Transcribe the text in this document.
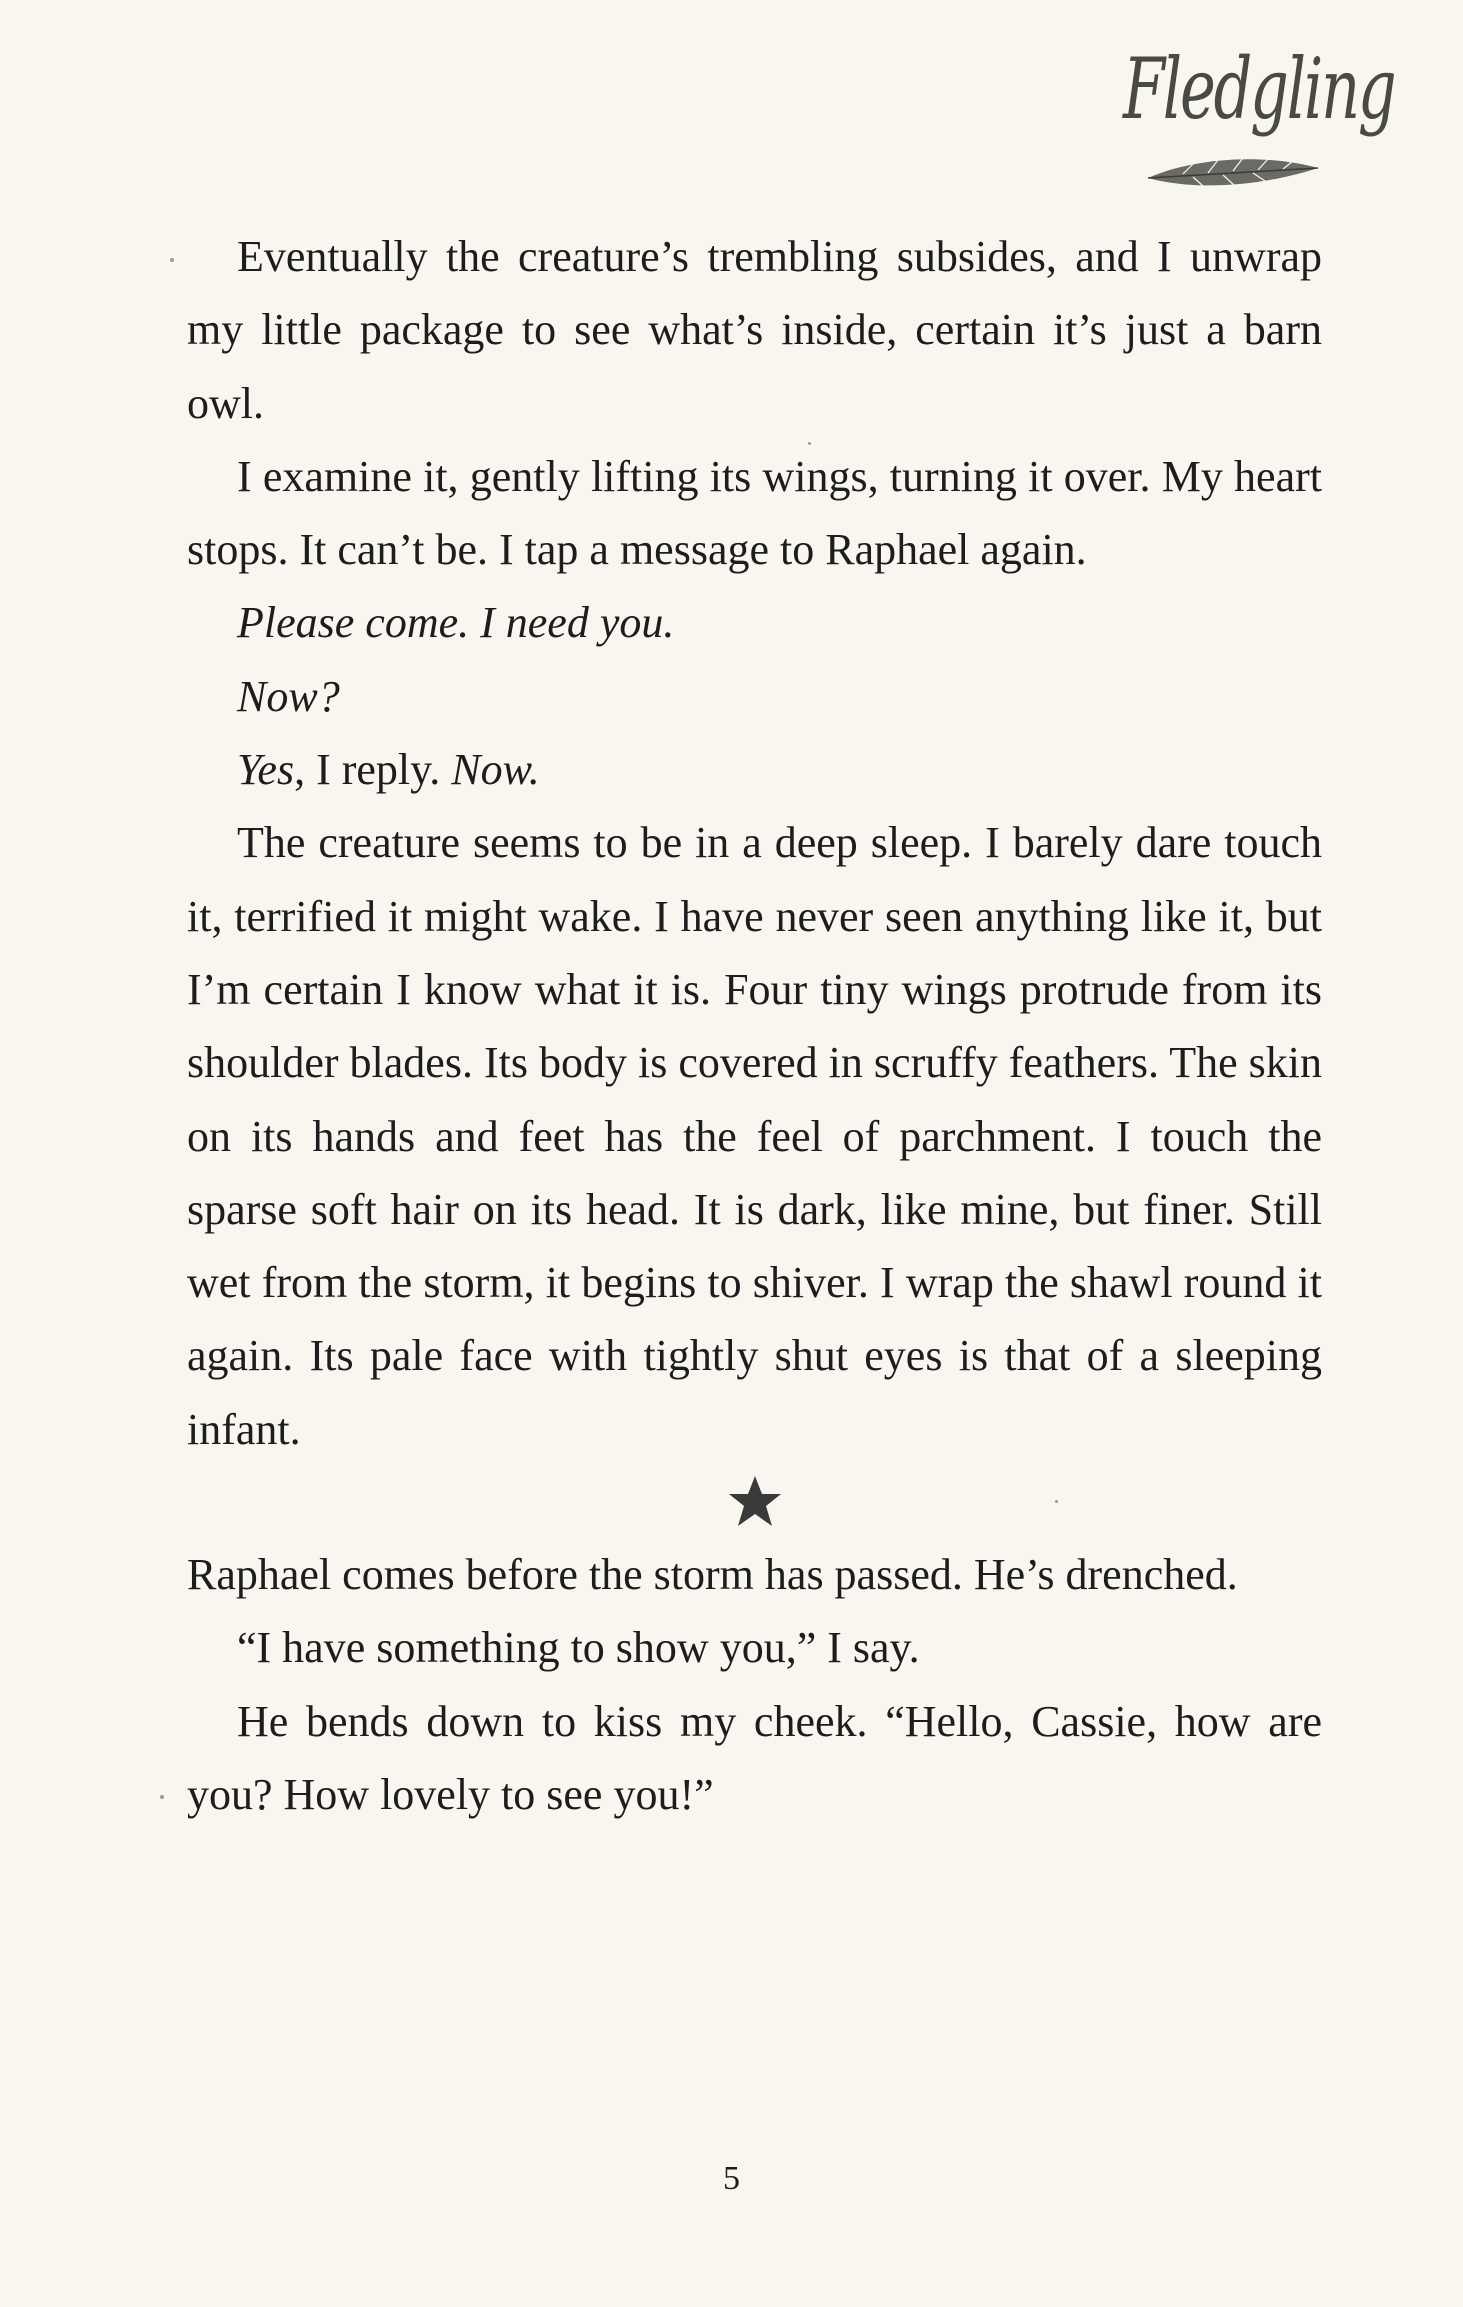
Fledgling

Eventually the creature’s trembling subsides, and I unwrap my little package to see what’s inside, certain it’s just a barn owl.

I examine it, gently lifting its wings, turning it over. My heart stops. It can’t be. I tap a message to Raphael again.

Please come. I need you.

Now?

Yes, I reply. Now.

The creature seems to be in a deep sleep. I barely dare touch it, terrified it might wake. I have never seen anything like it, but I’m certain I know what it is. Four tiny wings protrude from its shoulder blades. Its body is covered in scruffy feathers. The skin on its hands and feet has the feel of parchment. I touch the sparse soft hair on its head. It is dark, like mine, but finer. Still wet from the storm, it begins to shiver. I wrap the shawl round it again. Its pale face with tightly shut eyes is that of a sleeping infant.

Raphael comes before the storm has passed. He’s drenched.

“I have something to show you,” I say.

He bends down to kiss my cheek. “Hello, Cassie, how are you? How lovely to see you!”

5
